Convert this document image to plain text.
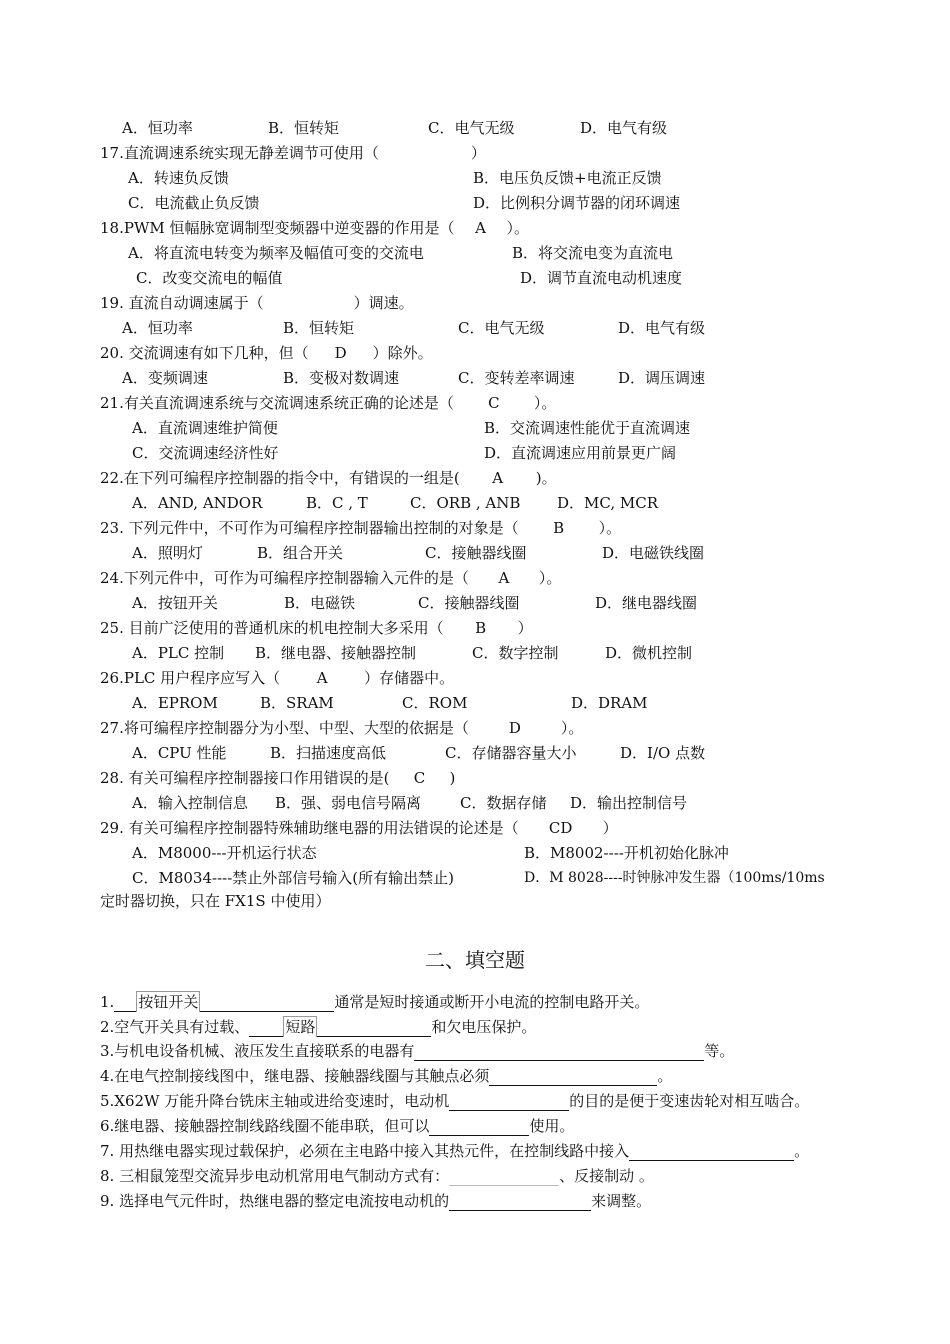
A．恒功率	B．恒转矩	C．电气无级	D．电气有级
17.直流调速系统实现无静差调节可使用（	）
A．转速负反馈	B．电压负反馈+电流正反馈
C．电流截止负反馈	D．比例积分调节器的闭环调速
18.PWM 恒幅脉宽调制型变频器中逆变器的作用是（ A ）。
A．将直流电转变为频率及幅值可变的交流电	B．将交流电变为直流电
C．改变交流电的幅值	D．调节直流电动机速度
19. 直流自动调速属于（	）调速。
A．恒功率	B．恒转矩	C．电气无级	D．电气有级
20. 交流调速有如下几种，但（ D ）除外。
A．变频调速	B．变极对数调速	C．变转差率调速	D．调压调速
21.有关直流调速系统与交流调速系统正确的论述是（ C ）。
A．直流调速维护简便	B．交流调速性能优于直流调速
C．交流调速经济性好	D．直流调速应用前景更广阔
22.在下列可编程序控制器的指令中，有错误的一组是( A )。
A．AND, ANDOR	B．C , T	C．ORB , ANB D．MC, MCR
23. 下列元件中，不可作为可编程序控制器输出控制的对象是（ B ）。
A．照明灯	B．组合开关	C．接触器线圈	D．电磁铁线圈
24.下列元件中，可作为可编程序控制器输入元件的是（ A ）。
A．按钮开关	B．电磁铁	C．接触器线圈	D．继电器线圈
25. 目前广泛使用的普通机床的机电控制大多采用（ B ）
A．PLC 控制 B．继电器、接触器控制	C．数字控制	D．微机控制
26.PLC 用户程序应写入（ A ）存储器中。
A．EPROM	B．SRAM	C．ROM	D．DRAM
27.将可编程序控制器分为小型、中型、大型的依据是（	D	）。
A．CPU 性能	B．扫描速度高低	C．存储器容量大小	D．I/O 点数
28. 有关可编程序控制器接口作用错误的是( C )
A．输入控制信息 B．强、弱电信号隔离	C．数据存储 D．输出控制信号
29. 有关可编程序控制器特殊辅助继电器的用法错误的论述是（ CD ）
A．M8000---开机运行状态	B．M8002----开机初始化脉冲
C．M8034----禁止外部信号输入(所有输出禁止)	D．M 8028----时钟脉冲发生器（100ms/10ms
定时器切换，只在 FX1S 中使用）
二、填空题
1. 按钮开关	通常是短时接通或断开小电流的控制电路开关。
2.空气开关具有过载、 短路	和欠电压保护。
3.与机电设备机械、液压发生直接联系的电器有	等。
4.在电气控制接线图中，继电器、接触器线圈与其触点必须	。
5.X62W 万能升降台铣床主轴或进给变速时，电动机	的目的是便于变速齿轮对相互啮合。
6.继电器、接触器控制线路线圈不能串联，但可以	使用。
7. 用热继电器实现过载保护，必须在主电路中接入其热元件，在控制线路中接入	。
8. 三相鼠笼型交流异步电动机常用电气制动方式有：	、反接制动 。
9. 选择电气元件时，热继电器的整定电流按电动机的	来调整。
